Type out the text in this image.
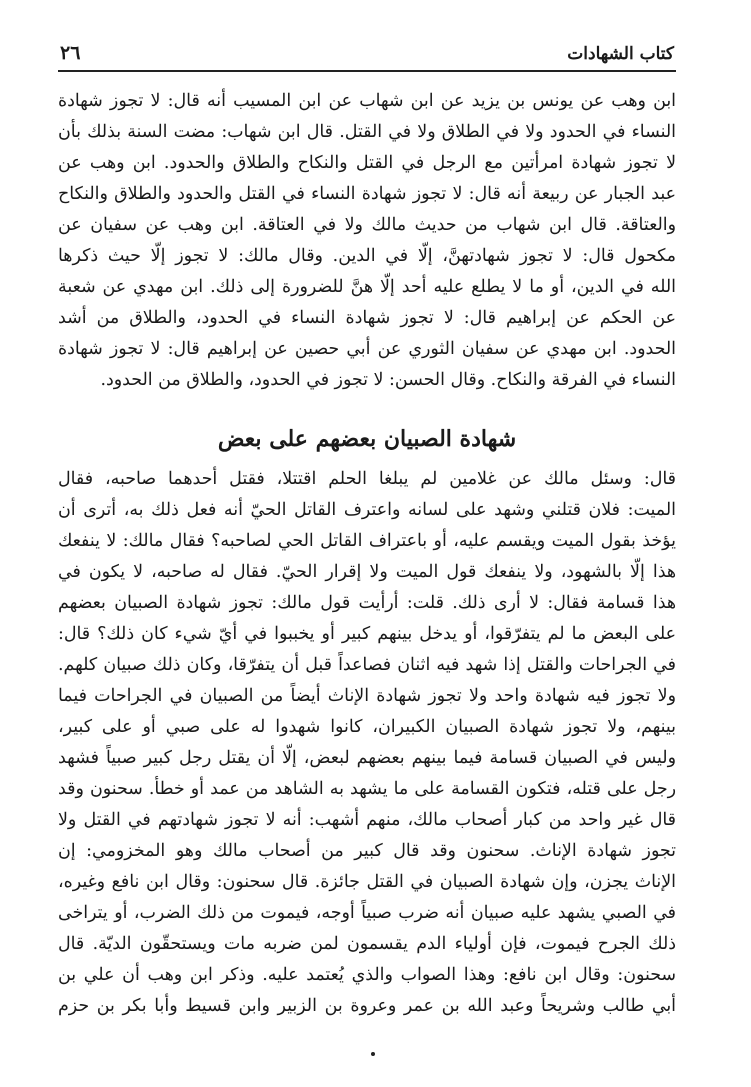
كتاب الشهادات
٢٦
ابن وهب عن يونس بن يزيد عن ابن شهاب عن ابن المسيب أنه قال: لا تجوز شهادة
النساء في الحدود ولا في الطلاق ولا في القتل. قال ابن شهاب: مضت السنة بذلك بأن
لا تجوز شهادة امرأتين مع الرجل في القتل والنكاح والطلاق والحدود. ابن وهب عن
عبد الجبار عن ربيعة أنه قال: لا تجوز شهادة النساء في القتل والحدود والطلاق والنكاح
والعتاقة. قال ابن شهاب من حديث مالك ولا في العتاقة. ابن وهب عن سفيان عن
مكحول قال: لا تجوز شهادتهنَّ، إلّا في الدين. وقال مالك: لا تجوز إلّا حيث ذكرها
الله في الدين، أو ما لا يطلع عليه أحد إلّا هنَّ للضرورة إلى ذلك. ابن مهدي عن شعبة
عن الحكم عن إبراهيم قال: لا تجوز شهادة النساء في الحدود، والطلاق من أشد
الحدود. ابن مهدي عن سفيان الثوري عن أبي حصين عن إبراهيم قال: لا تجوز شهادة
النساء في الفرقة والنكاح. وقال الحسن: لا تجوز في الحدود، والطلاق من الحدود.
شهادة الصبيان بعضهم على بعض
قال: وسئل مالك عن غلامين لم يبلغا الحلم اقتتلا، فقتل أحدهما صاحبه، فقال
الميت: فلان قتلني وشهد على لسانه واعترف القاتل الحيّ أنه فعل ذلك به، أترى أن
يؤخذ بقول الميت ويقسم عليه، أو باعتراف القاتل الحي لصاحبه؟ فقال مالك: لا ينفعك
هذا إلّا بالشهود، ولا ينفعك قول الميت ولا إقرار الحيّ. فقال له صاحبه، لا يكون في
هذا قسامة فقال: لا أرى ذلك. قلت: أرأيت قول مالك: تجوز شهادة الصبيان بعضهم
على البعض ما لم يتفرّقوا، أو يدخل بينهم كبير أو يخببوا في أيّ شيء كان ذلك؟ قال:
في الجراحات والقتل إذا شهد فيه اثنان فصاعداً قبل أن يتفرّقا، وكان ذلك صبيان كلهم.
ولا تجوز فيه شهادة واحد ولا تجوز شهادة الإناث أيضاً من الصبيان في الجراحات فيما
بينهم، ولا تجوز شهادة الصبيان الكبيران، كانوا شهدوا له على صبي أو على كبير،
وليس في الصبيان قسامة فيما بينهم بعضهم لبعض، إلّا أن يقتل رجل كبير صبياً فشهد
رجل على قتله، فتكون القسامة على ما يشهد به الشاهد من عمد أو خطأ. سحنون وقد
قال غير واحد من كبار أصحاب مالك، منهم أشهب: أنه لا تجوز شهادتهم في القتل ولا
تجوز شهادة الإناث. سحنون وقد قال كبير من أصحاب مالك وهو المخزومي: إن
الإناث يجزن، وإن شهادة الصبيان في القتل جائزة. قال سحنون: وقال ابن نافع وغيره،
في الصبي يشهد عليه صبيان أنه ضرب صبياً أوجه، فيموت من ذلك الضرب، أو يتراخى
ذلك الجرح فيموت، فإن أولياء الدم يقسمون لمن ضربه مات ويستحقّون الديّة. قال
سحنون: وقال ابن نافع: وهذا الصواب والذي يُعتمد عليه. وذكر ابن وهب أن علي بن
أبي طالب وشريحاً وعبد الله بن عمر وعروة بن الزبير وابن قسيط وأبا بكر بن حزم
